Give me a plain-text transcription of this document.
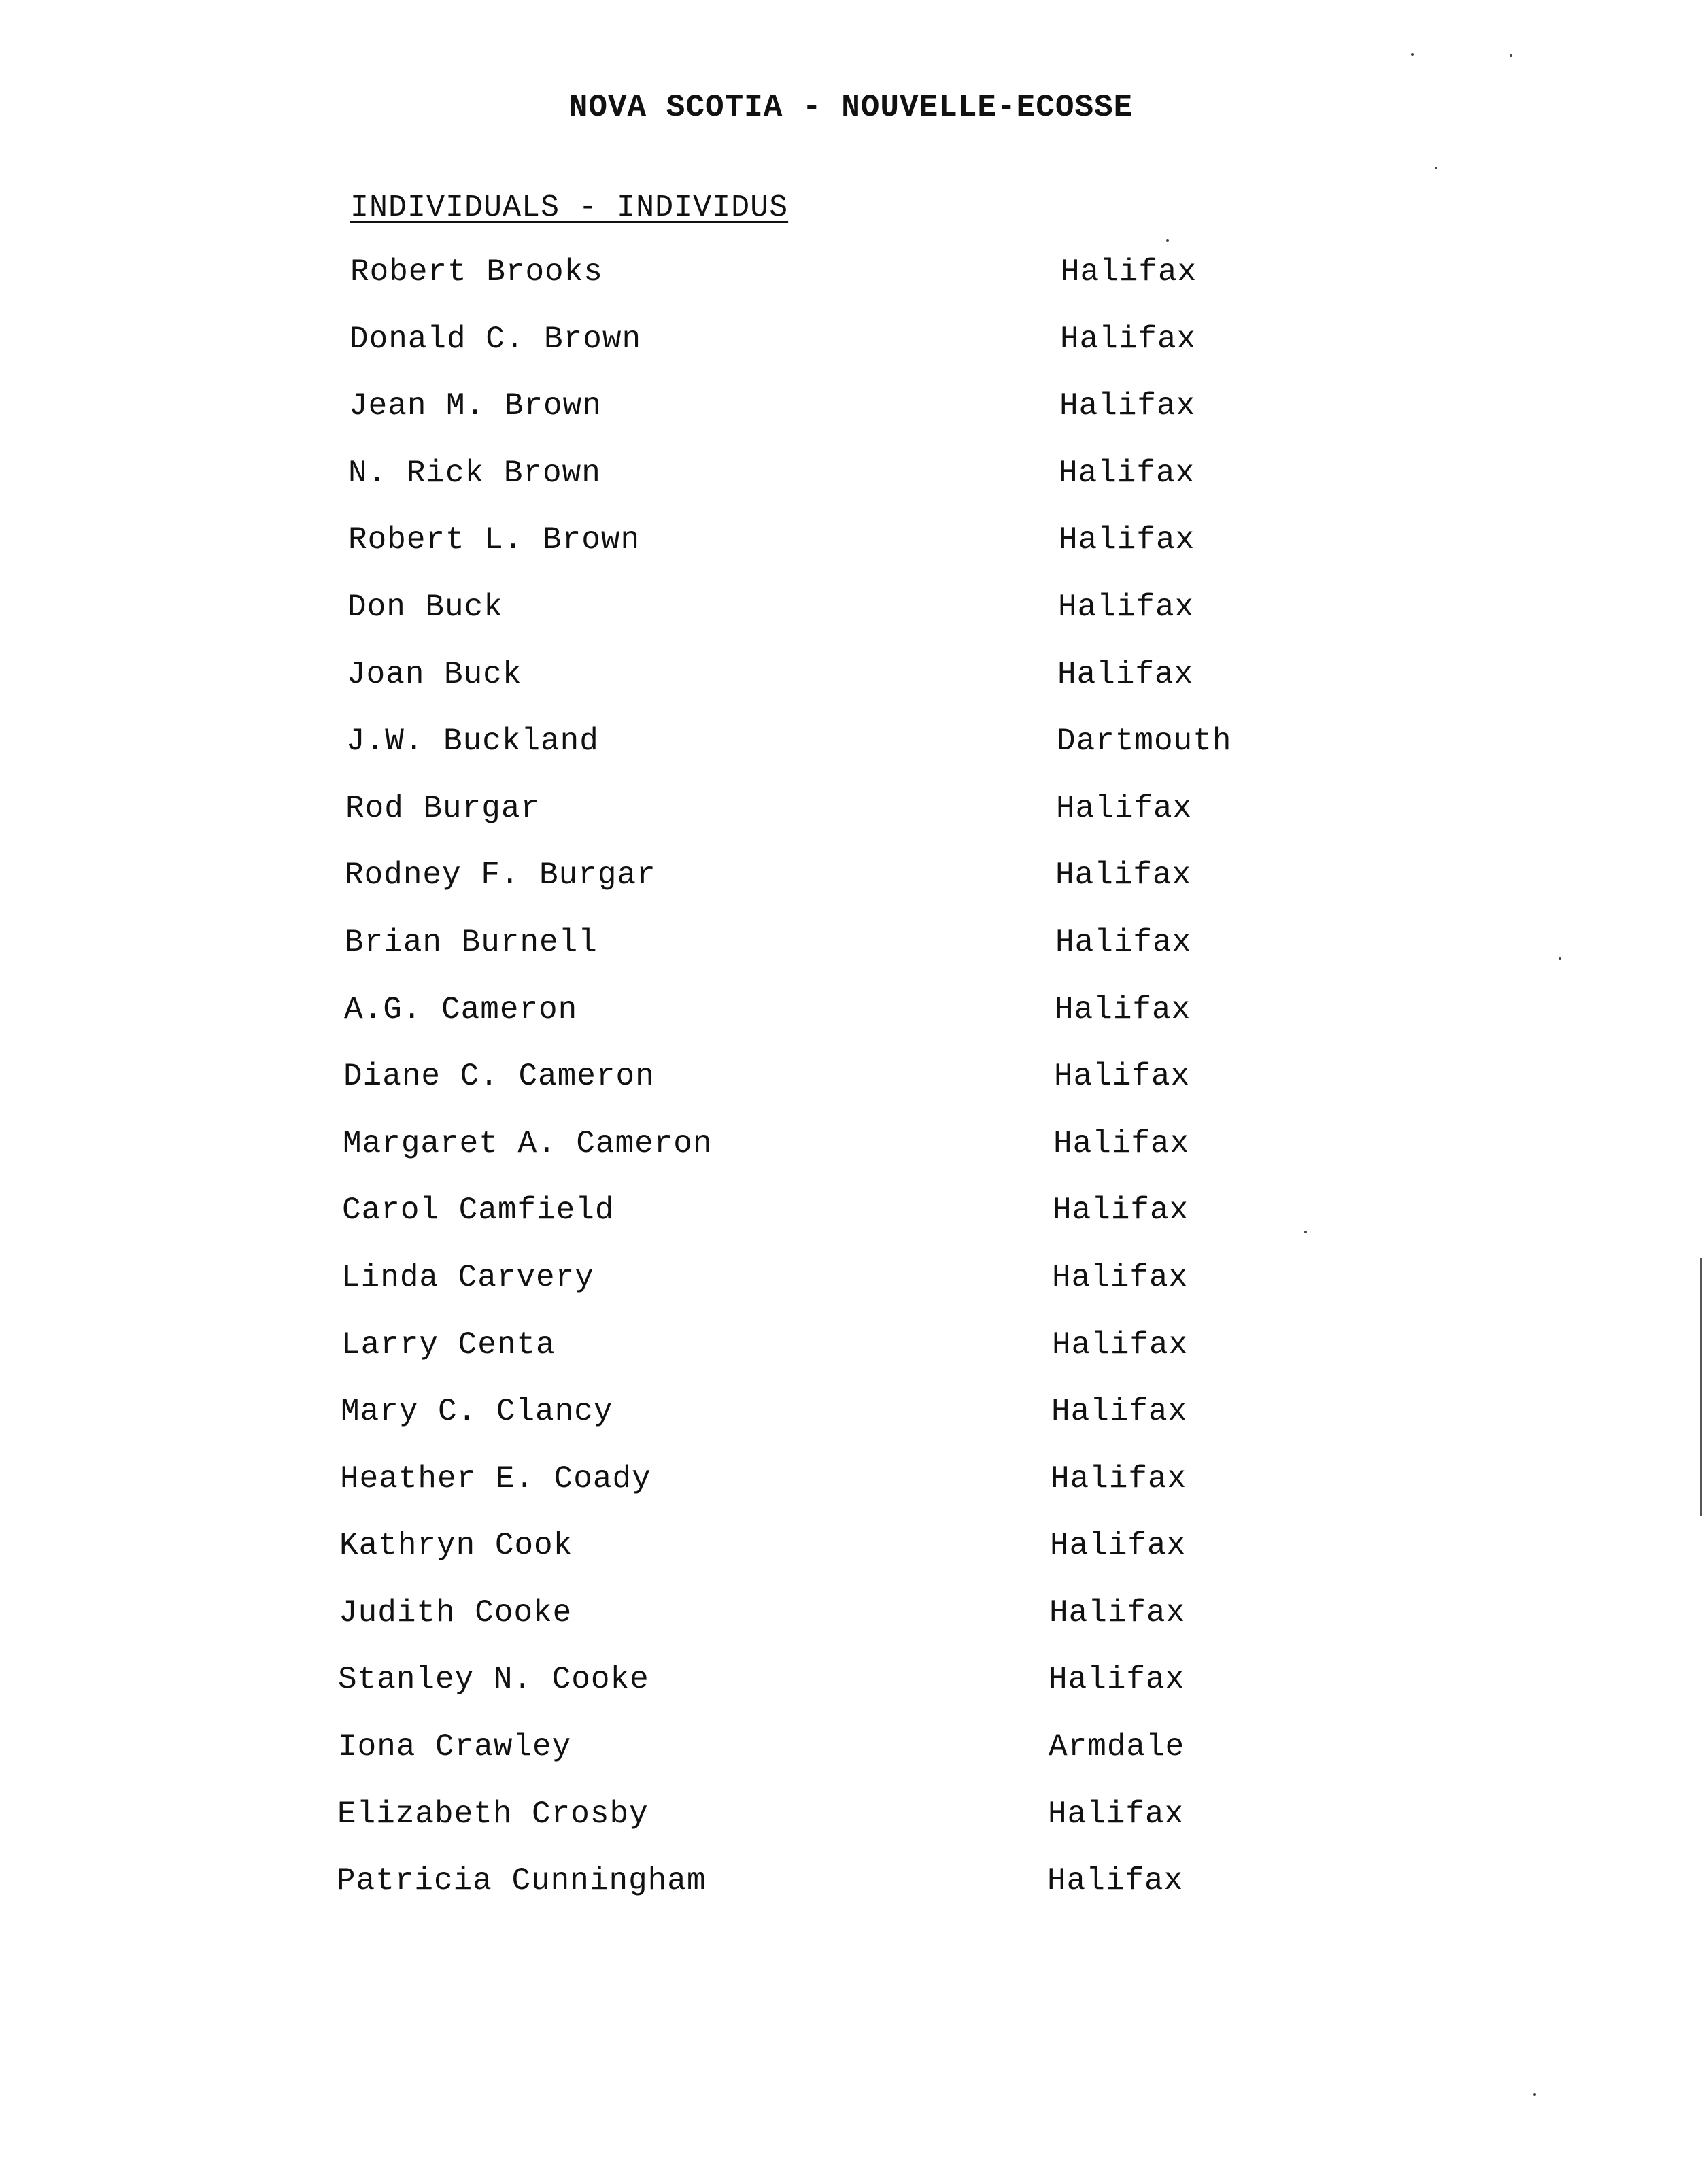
NOVA SCOTIA - NOUVELLE-ECOSSE
INDIVIDUALS - INDIVIDUS
Robert Brooks	Halifax
Donald C. Brown	Halifax
Jean M. Brown	Halifax
N. Rick Brown	Halifax
Robert L. Brown	Halifax
Don Buck	Halifax
Joan Buck	Halifax
J.W. Buckland	Dartmouth
Rod Burgar	Halifax
Rodney F. Burgar	Halifax
Brian Burnell	Halifax
A.G. Cameron	Halifax
Diane C. Cameron	Halifax
Margaret A. Cameron	Halifax
Carol Camfield	Halifax
Linda Carvery	Halifax
Larry Centa	Halifax
Mary C. Clancy	Halifax
Heather E. Coady	Halifax
Kathryn Cook	Halifax
Judith Cooke	Halifax
Stanley N. Cooke	Halifax
Iona Crawley	Armdale
Elizabeth Crosby	Halifax
Patricia Cunningham	Halifax
